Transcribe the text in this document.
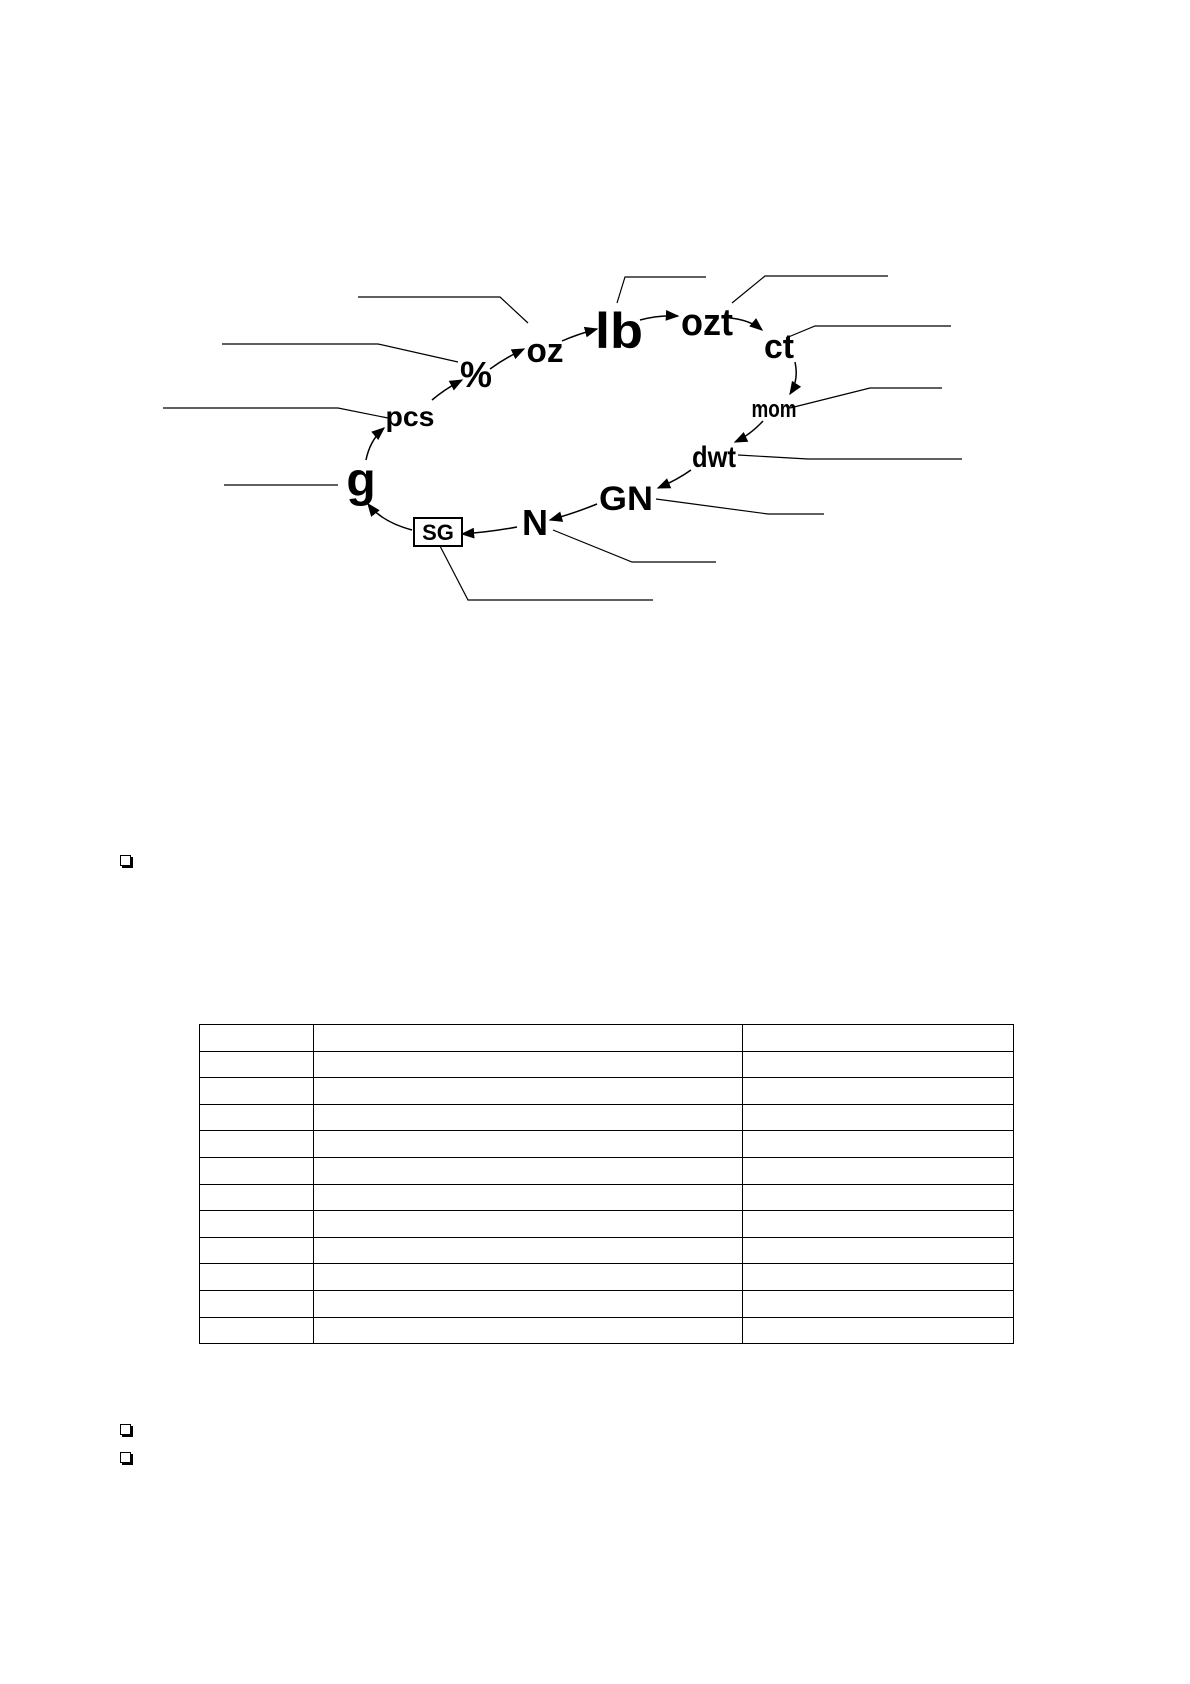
g
pcs
%
oz lb ozt
ct
mom
dwt
GN
N
SG
